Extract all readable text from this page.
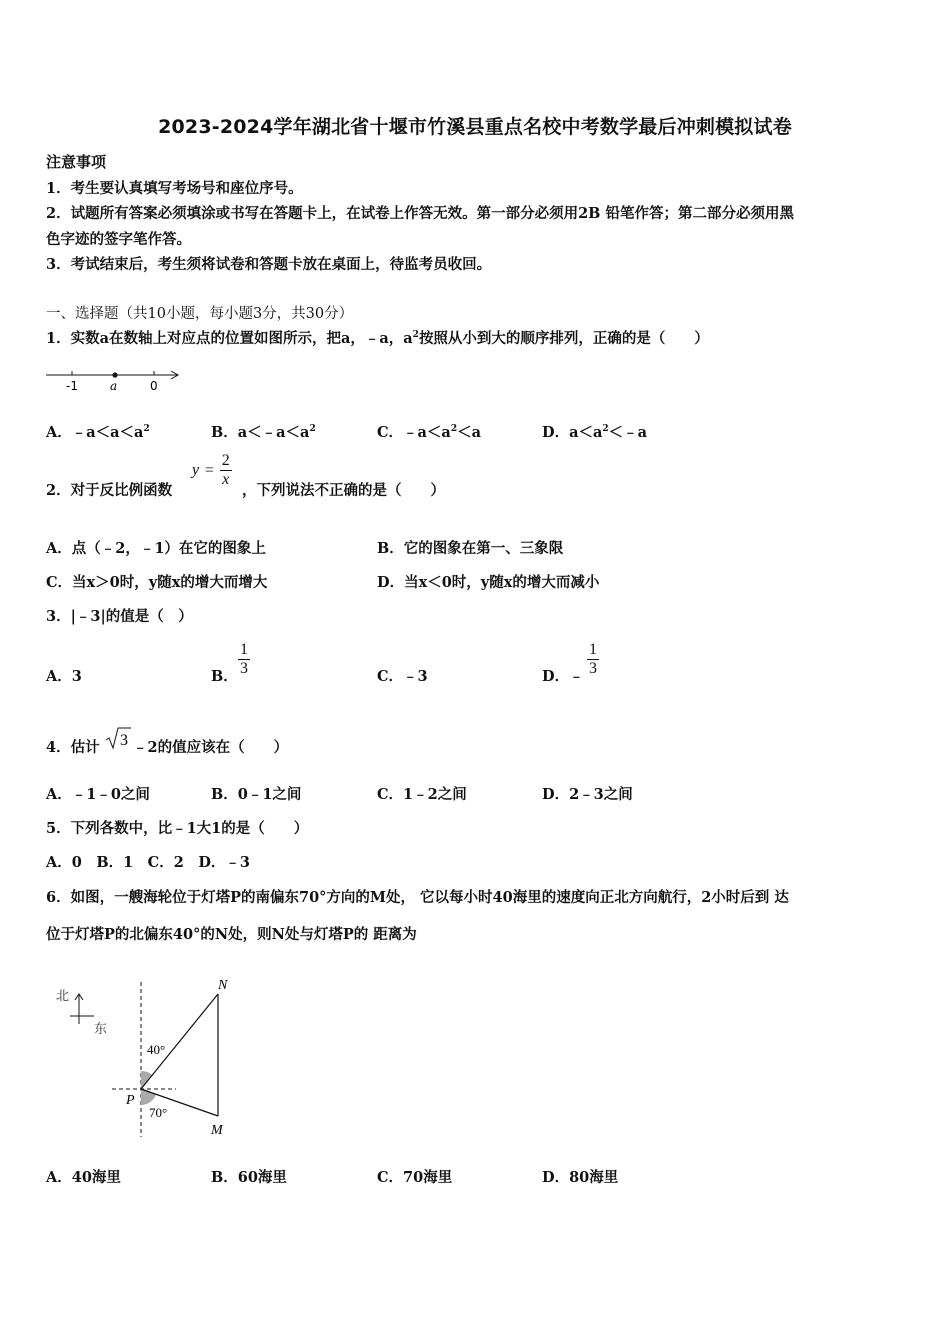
2023-2024学年湖北省十堰市竹溪县重点名校中考数学最后冲刺模拟试卷
注意事项
1．考生要认真填写考场号和座位序号。
2．试题所有答案必须填涂或书写在答题卡上，在试卷上作答无效。第一部分必须用2B 铅笔作答；第二部分必须用黑
色字迹的签字笔作答。
3．考试结束后，考生须将试卷和答题卡放在桌面上，待监考员收回。
一、选择题（共10小题，每小题3分，共30分）
1．实数a在数轴上对应点的位置如图所示，把a，﹣a，$a^2$按照从小到大的顺序排列，正确的是（　　）
-1	a	0
A．$﹣a<a<a^2$	B．$a<﹣a<a^2$	C．$﹣a<a^2<a$	D．$a<a^2<﹣a$
2．对于反比例函数
$y = \frac{2}{x}$
，下列说法不正确的是（　　）
A．点（﹣2，﹣1）在它的图象上	B．它的图象在第一、三象限
C．当x＞0时，y随x的增大而增大	D．当x＜0时，y随x的增大而减小
3．|﹣3|的值是（　）
A．3	B． $\frac{1}{3}$	C．﹣3	D．﹣ $\frac{1}{3}$
4．估计 3 ﹣2的值应该在（　　）
A．﹣1﹣0之间	B．0﹣1之间	C．1﹣2之间	D．2﹣3之间
5．下列各数中，比﹣1大1的是（　　）
A．0　B．1　C．2　D．﹣3
6．如图，一艘海轮位于灯塔P的南偏东70°方向的M处， 它以每小时40海里的速度向正北方向航行，2小时后到 达
位于灯塔P的北偏东40°的N处，则N处与灯塔P的 距离为
北
东
N
M
P
40°
70°
A．40海里	B．60海里	C．70海里	D．80海里
